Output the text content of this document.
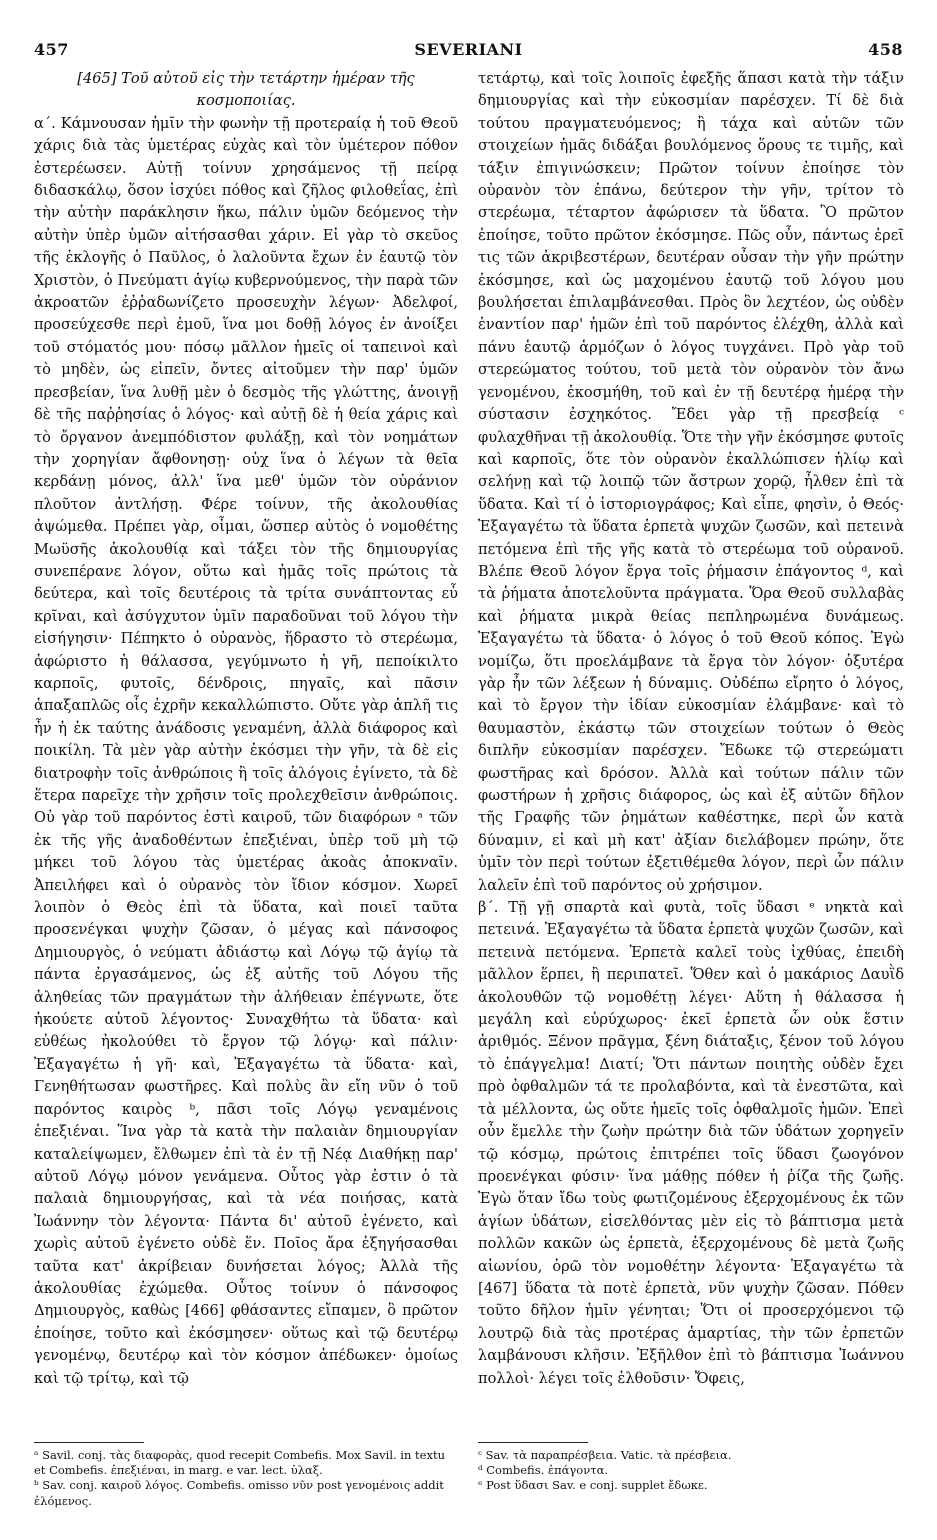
457	SEVERIANI	458

[465] Τοῦ αὐτοῦ εἰς τὴν τετάρτην ἡμέραν τῆς κοσμοποιίας.

α΄. Κάμνουσαν ἡμῖν τὴν φωνὴν τῇ προτεραίᾳ ἡ τοῦ Θεοῦ χάρις διὰ τὰς ὑμετέρας εὐχὰς καὶ τὸν ὑμέτερον πόθον ἐστερέωσεν. Αὐτῇ τοίνυν χρησάμενος τῇ πείρᾳ διδασκάλῳ, ὅσον ἰσχύει πόθος καὶ ζῆλος φιλοθεΐας, ἐπὶ τὴν αὐτὴν παράκλησιν ἥκω, πάλιν ὑμῶν δεόμενος τὴν αὐτὴν ὑπὲρ ὑμῶν αἰτήσασθαι χάριν. Εἰ γὰρ τὸ σκεῦος τῆς ἐκλογῆς ὁ Παῦλος, ὁ λαλοῦντα ἔχων ἐν ἑαυτῷ τὸν Χριστὸν, ὁ Πνεύματι ἁγίῳ κυβερνούμενος, τὴν παρὰ τῶν ἀκροατῶν ἐῤῥαδωνίζετο προσευχὴν λέγων· Ἀδελφοί, προσεύχεσθε περὶ ἐμοῦ, ἵνα μοι δοθῇ λόγος ἐν ἀνοίξει τοῦ στόματός μου· πόσῳ μᾶλλον ἡμεῖς οἱ ταπεινοὶ καὶ τὸ μηδὲν, ὡς εἰπεῖν, ὄντες αἰτοῦμεν τὴν παρ' ὑμῶν πρεσβείαν, ἵνα λυθῇ μὲν ὁ δεσμὸς τῆς γλώττης, ἀνοιγῇ δὲ τῆς παῤῥησίας ὁ λόγος· καὶ αὐτῇ δὲ ἡ θεία χάρις καὶ τὸ ὄργανον ἀνεμπόδιστον φυλάξῃ, καὶ τὸν νοημάτων τὴν χορηγίαν ἄφθονησῃ· οὐχ ἵνα ὁ λέγων τὰ θεῖα κερδάνῃ μόνος, ἀλλ' ἵνα μεθ' ὑμῶν τὸν οὐράνιον πλοῦτον ἀντλήσῃ. Φέρε τοίνυν, τῆς ἀκολουθίας ἀψώμεθα. Πρέπει γὰρ, οἶμαι, ὥσπερ αὐτὸς ὁ νομοθέτης Μωϋσῆς ἀκολουθίᾳ καὶ τάξει τὸν τῆς δημιουργίας συνεπέρανε λόγον, οὕτω καὶ ἡμᾶς τοῖς πρώτοις τὰ δεύτερα, καὶ τοῖς δευτέροις τὰ τρίτα συνάπτοντας εὖ κρῖναι, καὶ ἀσύγχυτον ὑμῖν παραδοῦναι τοῦ λόγου τὴν εἰσήγησιν· Πέπηκτο ὁ οὐρανὸς, ἥδραστο τὸ στερέωμα, ἀφώριστο ἡ θάλασσα, γεγύμνωτο ἡ γῆ, πεποίκιλτο καρποῖς, φυτοῖς, δένδροις, πηγαῖς, καὶ πᾶσιν ἁπαξαπλῶς οἷς ἐχρῆν κεκαλλώπιστο. Οὔτε γὰρ ἁπλῆ τις ἦν ἡ ἐκ ταύτης ἀνάδοσις γεναμένη, ἀλλὰ διάφορος καὶ ποικίλη. Τὰ μὲν γὰρ αὐτὴν ἐκόσμει τὴν γῆν, τὰ δὲ εἰς διατροφὴν τοῖς ἀνθρώποις ἢ τοῖς ἀλόγοις ἐγίνετο, τὰ δὲ ἕτερα παρεῖχε τὴν χρῆσιν τοῖς προλεχθεῖσιν ἀνθρώποις. Οὐ γὰρ τοῦ παρόντος ἐστὶ καιροῦ, τῶν διαφόρων ᵃ τῶν ἐκ τῆς γῆς ἀναδοθέντων ἐπεξιέναι, ὑπὲρ τοῦ μὴ τῷ μήκει τοῦ λόγου τὰς ὑμετέρας ἀκοὰς ἀποκναῖν. Ἀπειλήφει καὶ ὁ οὐρανὸς τὸν ἴδιον κόσμον. Χωρεῖ λοιπὸν ὁ Θεὸς ἐπὶ τὰ ὕδατα, καὶ ποιεῖ ταῦτα προσενέγκαι ψυχὴν ζῶσαν, ὁ μέγας καὶ πάνσοφος Δημιουργὸς, ὁ νεύματι ἀδιάστῳ καὶ Λόγῳ τῷ ἁγίῳ τὰ πάντα ἐργασάμενος, ὡς ἐξ αὐτῆς τοῦ Λόγου τῆς ἀληθείας τῶν πραγμάτων τὴν ἀλήθειαν ἐπέγνωτε, ὅτε ἠκούετε αὐτοῦ λέγοντος· Συναχθήτω τὰ ὕδατα· καὶ εὐθέως ἠκολούθει τὸ ἔργον τῷ λόγῳ· καὶ πάλιν· Ἐξαγαγέτω ἡ γῆ· καὶ, Ἐξαγαγέτω τὰ ὕδατα· καὶ, Γενηθήτωσαν φωστῆρες. Καὶ πολὺς ἂν εἴη νῦν ὁ τοῦ παρόντος καιρὸς ᵇ, πᾶσι τοῖς Λόγῳ γεναμένοις ἐπεξιέναι. Ἵνα γὰρ τὰ κατὰ τὴν παλαιὰν δημιουργίαν καταλείψωμεν, ἔλθωμεν ἐπὶ τὰ ἐν τῇ Νέᾳ Διαθήκῃ παρ' αὐτοῦ Λόγῳ μόνον γενάμενα. Οὗτος γὰρ ἐστιν ὁ τὰ παλαιὰ δημιουργήσας, καὶ τὰ νέα ποιήσας, κατὰ Ἰωάννην τὸν λέγοντα· Πάντα δι' αὐτοῦ ἐγένετο, καὶ χωρὶς αὐτοῦ ἐγένετο οὐδὲ ἕν. Ποῖος ἄρα ἐξηγήσασθαι ταῦτα κατ' ἀκρίβειαν δυνήσεται λόγος; Ἀλλὰ τῆς ἀκολουθίας ἐχώμεθα. Οὗτος τοίνυν ὁ πάνσοφος Δημιουργὸς, καθὼς [466] φθάσαντες εἴπαμεν, ὃ πρῶτον ἐποίησε, τοῦτο καὶ ἐκόσμησεν· οὕτως καὶ τῷ δευτέρῳ γενομένῳ, δευτέρῳ καὶ τὸν κόσμον ἀπέδωκεν· ὁμοίως καὶ τῷ τρίτῳ, καὶ τῷ

τετάρτῳ, καὶ τοῖς λοιποῖς ἐφεξῆς ἅπασι κατὰ τὴν τάξιν δημιουργίας καὶ τὴν εὐκοσμίαν παρέσχεν. Τί δὲ διὰ τούτου πραγματευόμενος; ἢ τάχα καὶ αὐτῶν τῶν στοιχείων ἡμᾶς διδάξαι βουλόμενος ὅρους τε τιμῆς, καὶ τάξιν ἐπιγινώσκειν; Πρῶτον τοίνυν ἐποίησε τὸν οὐρανὸν τὸν ἐπάνω, δεύτερον τὴν γῆν, τρίτον τὸ στερέωμα, τέταρτον ἀφώρισεν τὰ ὕδατα. Ὃ πρῶτον ἐποίησε, τοῦτο πρῶτον ἐκόσμησε. Πῶς οὖν, πάντως ἐρεῖ τις τῶν ἀκριβεστέρων, δευτέραν οὖσαν τὴν γῆν πρώτην ἐκόσμησε, καὶ ὡς μαχομένου ἑαυτῷ τοῦ λόγου μου βουλήσεται ἐπιλαμβάνεσθαι. Πρὸς ὃν λεχτέον, ὡς οὐδὲν ἐναντίον παρ' ἡμῶν ἐπὶ τοῦ παρόντος ἐλέχθη, ἀλλὰ καὶ πάνυ ἑαυτῷ ἁρμόζων ὁ λόγος τυγχάνει. Πρὸ γὰρ τοῦ στερεώματος τούτου, τοῦ μετὰ τὸν οὐρανὸν τὸν ἄνω γενομένου, ἐκοσμήθη, τοῦ καὶ ἐν τῇ δευτέρᾳ ἡμέρᾳ τὴν σύστασιν ἐσχηκότος. Ἔδει γὰρ τῇ πρεσβείᾳ ᶜ φυλαχθῆναι τῇ ἀκολουθίᾳ. Ὅτε τὴν γῆν ἐκόσμησε φυτοῖς καὶ καρποῖς, ὅτε τὸν οὐρανὸν ἐκαλλώπισεν ἡλίῳ καὶ σελήνῃ καὶ τῷ λοιπῷ τῶν ἄστρων χορῷ, ἦλθεν ἐπὶ τὰ ὕδατα. Καὶ τί ὁ ἱστοριογράφος; Καὶ εἶπε, φησὶν, ὁ Θεός· Ἐξαγαγέτω τὰ ὕδατα ἑρπετὰ ψυχῶν ζωσῶν, καὶ πετεινὰ πετόμενα ἐπὶ τῆς γῆς κατὰ τὸ στερέωμα τοῦ οὐρανοῦ. Βλέπε Θεοῦ λόγον ἔργα τοῖς ῥήμασιν ἐπάγοντος ᵈ, καὶ τὰ ῥήματα ἀποτελοῦντα πράγματα. Ὅρα Θεοῦ συλλαβὰς καὶ ῥήματα μικρὰ θείας πεπληρωμένα δυνάμεως. Ἐξαγαγέτω τὰ ὕδατα· ὁ λόγος ὁ τοῦ Θεοῦ κόπος. Ἐγὼ νομίζω, ὅτι προελάμβανε τὰ ἔργα τὸν λόγον· ὀξυτέρα γὰρ ἦν τῶν λέξεων ἡ δύναμις. Οὐδέπω εἴρητο ὁ λόγος, καὶ τὸ ἔργον τὴν ἰδίαν εὐκοσμίαν ἐλάμβανε· καὶ τὸ θαυμαστὸν, ἑκάστῳ τῶν στοιχείων τούτων ὁ Θεὸς διπλῆν εὐκοσμίαν παρέσχεν. Ἔδωκε τῷ στερεώματι φωστῆρας καὶ δρόσον. Ἀλλὰ καὶ τούτων πάλιν τῶν φωστήρων ἡ χρῆσις διάφορος, ὡς καὶ ἐξ αὐτῶν δῆλον τῆς Γραφῆς τῶν ῥημάτων καθέστηκε, περὶ ὧν κατὰ δύναμιν, εἰ καὶ μὴ κατ' ἀξίαν διελάβομεν πρώην, ὅτε ὑμῖν τὸν περὶ τούτων ἐξετιθέμεθα λόγον, περὶ ὧν πάλιν λαλεῖν ἐπὶ τοῦ παρόντος οὐ χρήσιμον.

β΄. Τῇ γῇ σπαρτὰ καὶ φυτὰ, τοῖς ὕδασι ᵉ νηκτὰ καὶ πετεινά. Ἐξαγαγέτω τὰ ὕδατα ἑρπετὰ ψυχῶν ζωσῶν, καὶ πετεινὰ πετόμενα. Ἑρπετὰ καλεῖ τοὺς ἰχθύας, ἐπειδὴ μᾶλλον ἕρπει, ἢ περιπατεῖ. Ὅθεν καὶ ὁ μακάριος Δαυῒδ ἀκολουθῶν τῷ νομοθέτῃ λέγει· Αὕτη ἡ θάλασσα ἡ μεγάλη καὶ εὐρύχωρος· ἐκεῖ ἑρπετὰ ὧν οὐκ ἔστιν ἀριθμός. Ξένον πρᾶγμα, ξένη διάταξις, ξένον τοῦ λόγου τὸ ἐπάγγελμα! Διατί; Ὅτι πάντων ποιητὴς οὐδὲν ἔχει πρὸ ὀφθαλμῶν τά τε προλαβόντα, καὶ τὰ ἐνεστῶτα, καὶ τὰ μέλλοντα, ὡς οὔτε ἡμεῖς τοῖς ὀφθαλμοῖς ἡμῶν. Ἐπεὶ οὖν ἔμελλε τὴν ζωὴν πρώτην διὰ τῶν ὑδάτων χορηγεῖν τῷ κόσμῳ, πρώτοις ἐπιτρέπει τοῖς ὕδασι ζωογόνον προενέγκαι φύσιν· ἵνα μάθῃς πόθεν ἡ ῥίζα τῆς ζωῆς. Ἐγὼ ὅταν ἴδω τοὺς φωτιζομένους ἐξερχομένους ἐκ τῶν ἁγίων ὑδάτων, εἰσελθόντας μὲν εἰς τὸ βάπτισμα μετὰ πολλῶν κακῶν ὡς ἑρπετὰ, ἐξερχομένους δὲ μετὰ ζωῆς αἰωνίου, ὁρῶ τὸν νομοθέτην λέγοντα· Ἐξαγαγέτω τὰ [467] ὕδατα τὰ ποτὲ ἑρπετὰ, νῦν ψυχὴν ζῶσαν. Πόθεν τοῦτο δῆλον ἡμῖν γένηται; Ὅτι οἱ προσερχόμενοι τῷ λουτρῷ διὰ τὰς προτέρας ἁμαρτίας, τὴν τῶν ἑρπετῶν λαμβάνουσι κλῆσιν. Ἐξῆλθον ἐπὶ τὸ βάπτισμα Ἰωάννου πολλοὶ· λέγει τοῖς ἐλθοῦσιν· Ὄφεις,

ᵃ Savil. conj. τὰς διαφορὰς, quod recepit Combefis. Mox Savil. in textu et Combefis. ἐπεξιέναι, in marg. e var. lect. ὑλαξ.
ᵇ Sav. conj. καιροῦ λόγος. Combefis. omisso νῦν post γενομένοις addit ἐλόμενος.
ᶜ Sav. τὰ παραπρέσβεια. Vatic. τὰ πρέσβεια.
ᵈ Combefis. ἐπάγοντα.
ᵉ Post ὕδασι Sav. e conj. supplet ἔδωκε.
